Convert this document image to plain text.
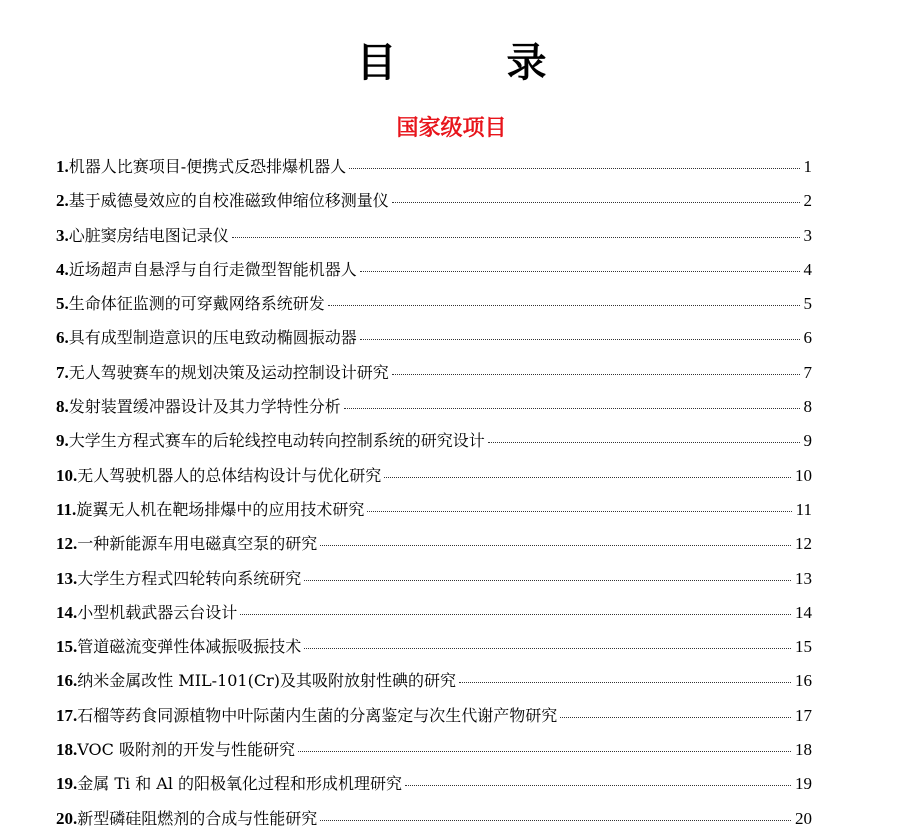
目 录
国家级项目
1. 机器人比赛项目-便携式反恐排爆机器人	1
2. 基于威德曼效应的自校准磁致伸缩位移测量仪	2
3. 心脏窦房结电图记录仪	3
4. 近场超声自悬浮与自行走微型智能机器人	4
5. 生命体征监测的可穿戴网络系统研发	5
6. 具有成型制造意识的压电致动椭圆振动器	6
7. 无人驾驶赛车的规划决策及运动控制设计研究	7
8. 发射装置缓冲器设计及其力学特性分析	8
9. 大学生方程式赛车的后轮线控电动转向控制系统的研究设计	9
10. 无人驾驶机器人的总体结构设计与优化研究	10
11. 旋翼无人机在靶场排爆中的应用技术研究	11
12. 一种新能源车用电磁真空泵的研究	12
13. 大学生方程式四轮转向系统研究	13
14. 小型机载武器云台设计	14
15. 管道磁流变弹性体减振吸振技术	15
16. 纳米金属改性 MIL-101(Cr)及其吸附放射性碘的研究	16
17. 石榴等药食同源植物中叶际菌内生菌的分离鉴定与次生代谢产物研究	17
18. VOC 吸附剂的开发与性能研究	18
19. 金属 Ti 和 Al 的阳极氧化过程和形成机理研究	19
20. 新型磷硅阻燃剂的合成与性能研究	20
